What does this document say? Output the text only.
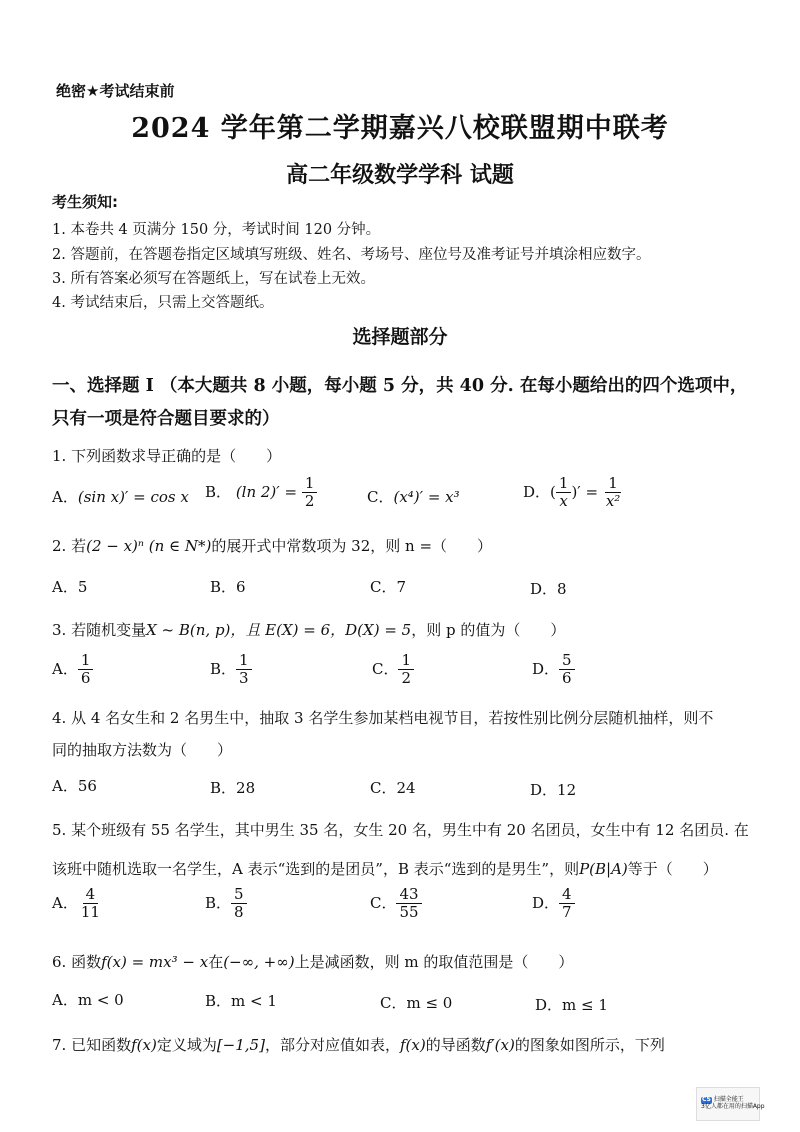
绝密★考试结束前
2024 学年第二学期嘉兴八校联盟期中联考
高二年级数学学科 试题
考生须知:
1. 本卷共 4 页满分 150 分，考试时间 120 分钟。
2. 答题前，在答题卷指定区域填写班级、姓名、考场号、座位号及准考证号并填涂相应数字。
3. 所有答案必须写在答题纸上，写在试卷上无效。
4. 考试结束后，只需上交答题纸。
选择题部分
一、选择题 I （本大题共 8 小题，每小题 5 分，共 40 分. 在每小题给出的四个选项中，
只有一项是符合题目要求的）
1. 下列函数求导正确的是（　　）
A．(sin x)′ = cos x B． (ln $2)' = \frac{1}{2}$	C．(x⁴)′ = x³	D．( $\frac{1}{x}$ )′ = $\frac{1}{\text{x²}}$
2. 若(2 − x)ⁿ (n ∈ N*)的展开式中常数项为 32，则 n =（　　）
A．5	B．6	C．7	D．8
3. 若随机变量X ~ B(n, p)，且 E(X) = 6，D(X) = 5，则 p 的值为（　　）
A． $\frac{1}{6}$	B． $\frac{1}{3}$	C． $\frac{1}{2}$	D． $\frac{5}{6}$
4. 从 4 名女生和 2 名男生中，抽取 3 名学生参加某档电视节目，若按性别比例分层随机抽样，则不
同的抽取方法数为（　　）
A．56	B．28	C．24	D．12
5. 某个班级有 55 名学生，其中男生 35 名，女生 20 名，男生中有 20 名团员，女生中有 12 名团员. 在
该班中随机选取一名学生，A 表示“选到的是团员”，B 表示“选到的是男生”，则P(B|A)等于（　　）
A． $\frac{4}{11}$	B． $\frac{5}{8}$	C． $\frac{43}{55}$	D． $\frac{4}{7}$
6. 函数f(x) = mx³ − x在(−∞, +∞)上是减函数，则 m 的取值范围是（　　）
A．m < 0	B．m < 1	C．m ≤ 0	D．m ≤ 1
7. 已知函数f(x)定义域为[−1,5]，部分对应值如表，f(x)的导函数f′(x)的图象如图所示，下列
CS 扫描全能王
3亿人都在用的扫描App
